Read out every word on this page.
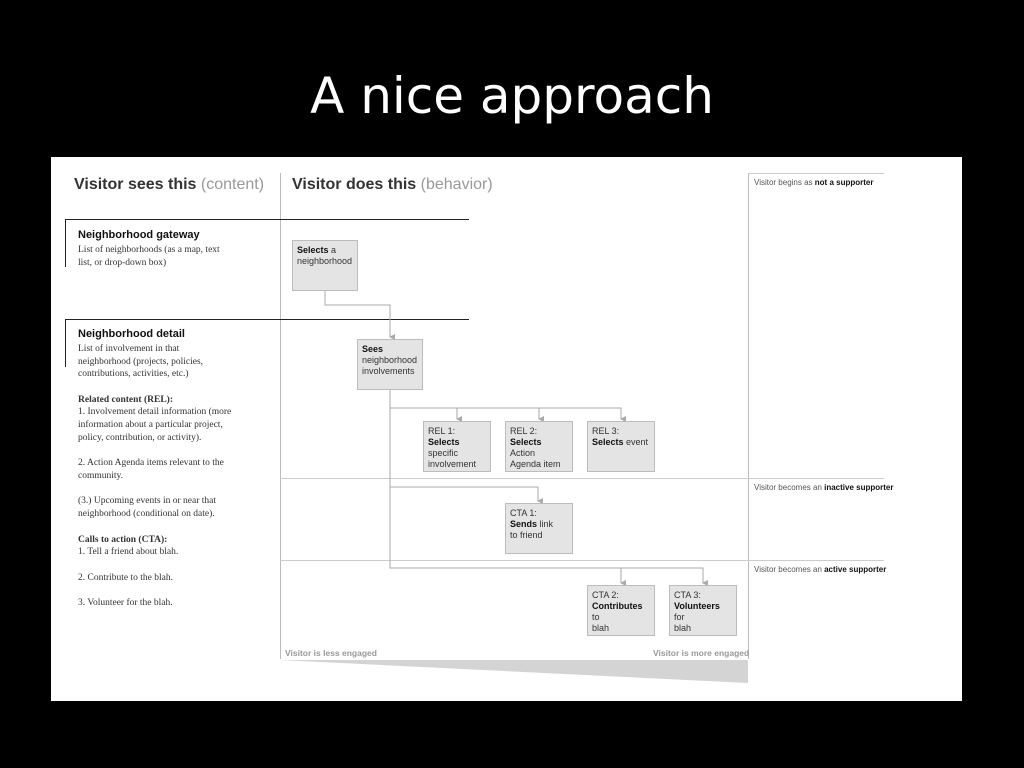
A nice approach
Visitor sees this (content) Visitor does this (behavior)
Neighborhood gateway
List of neighborhoods (as a map, text
list, or drop-down box)
Neighborhood detail

List of involvement in that
neighborhood (projects, policies,
contributions, activities, etc.)

Related content (REL):

1. Involvement detail information (more
information about a particular project,
policy, contribution, or activity).

2. Action Agenda items relevant to the
community.

(3.) Upcoming events in or near that
neighborhood (conditional on date).

Calls to action (CTA):

1. Tell a friend about blah.

2. Contribute to the blah.

3. Volunteer for the blah.

Selects a
neighborhood
Sees
neighborhood
involvements
REL 1:
Selects
specific
involvement
REL 2:
Selects Action
Agenda item
REL 3:
Selects event
CTA 1:
Sends link
to friend
CTA 2:
Contributes to
blah
CTA 3:
Volunteers for
blah
Visitor begins as not a supporter
Visitor becomes an inactive supporter
Visitor becomes an active supporter
Visitor is less engaged	Visitor is more engaged
